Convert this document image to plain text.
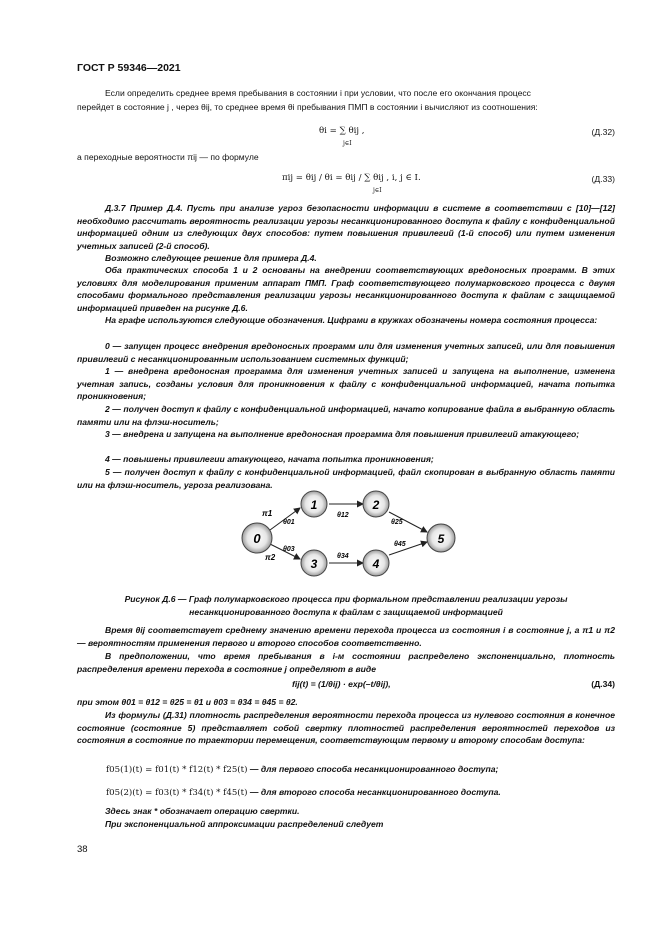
ГОСТ Р 59346—2021
Если определить среднее время пребывания в состоянии i при условии, что после его окончания процесс
перейдет в состояние j , через θij, то среднее время θi пребывания ПМП в состоянии i вычисляют из соотношения:
θi = ∑ θij ,
j∈I
(Д.32)
а переходные вероятности πij — по формуле
πij = θij / θi = θij / ∑ θij , i, j ∈ I.
j∈I
(Д.33)
Д.3.7 Пример Д.4. Пусть при анализе угроз безопасности информации в системе в соответствии с [10]—[12] необходимо рассчитать вероятность реализации угрозы несанкционированного доступа к файлу с конфиденциальной информацией одним из следующих двух способов: путем повышения привилегий (1-й способ) или путем изменения учетных записей (2-й способ).
Возможно следующее решение для примера Д.4.
Оба практических способа 1 и 2 основаны на внедрении соответствующих вредоносных программ. В этих условиях для моделирования применим аппарат ПМП. Граф соответствующего полумарковского процесса с двумя способами формального представления реализации угрозы несанкционированного доступа к файлам с защищаемой информацией приведен на рисунке Д.6.
На графе используются следующие обозначения. Цифрами в кружках обозначены номера состояния процесса:
0 — запущен процесс внедрения вредоносных программ или для изменения учетных записей, или для повышения привилегий с несанкционированным использованием системных функций;
1 — внедрена вредоносная программа для изменения учетных записей и запущена на выполнение, изменена учетная запись, созданы условия для проникновения к файлу с конфиденциальной информацией, начата попытка проникновения;
2 — получен доступ к файлу с конфиденциальной информацией, начато копирование файла в выбранную область памяти или на флэш-носитель;
3 — внедрена и запущена на выполнение вредоносная программа для повышения привилегий атакующего;
4 — повышены привилегии атакующего, начата попытка проникновения;
5 — получен доступ к файлу с конфиденциальной информацией, файл скопирован в выбранную область памяти или на флэш-носитель, угроза реализована.
0
1	2
3	4
5
π1
θ01
θ12
θ25
θ03
π2	θ34
θ45
Рисунок Д.6 — Граф полумарковского процесса при формальном представлении реализации угрозы
несанкционированного доступа к файлам с защищаемой информацией
Время θij соответствует среднему значению времени перехода процесса из состояния i в состояние j, а π1 и π2 — вероятностям применения первого и второго способов соответственно.
В предположении, что время пребывания в i-м состоянии распределено экспоненциально, плотность распределения времени перехода в состояние j определяют в виде
fij(t) = (1/θij) · exp(–t/θij),	(Д.34)
при этом θ01 = θ12 = θ25 = θ1 и θ03 = θ34 = θ45 = θ2.
Из формулы (Д.31) плотность распределения вероятности перехода процесса из нулевого состояния в конечное состояние (состояние 5) представляет собой свертку плотностей распределения вероятностей переходов из состояния в состояние по траектории перемещения, соответствующим первому и второму способам доступа:
f05(1)(t) = f01(t) * f12(t) * f25(t) — для первого способа несанкционированного доступа;
f05(2)(t) = f03(t) * f34(t) * f45(t) — для второго способа несанкционированного доступа.
Здесь знак * обозначает операцию свертки.
При экспоненциальной аппроксимации распределений следует
38
